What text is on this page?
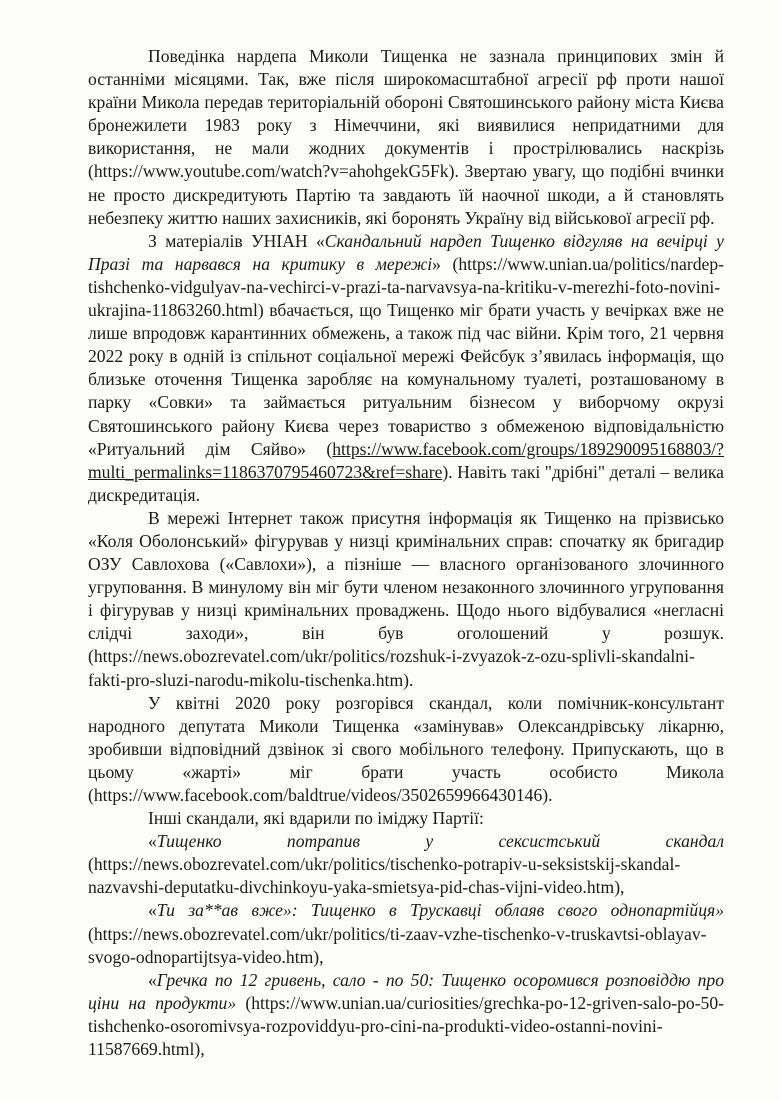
Поведінка нардепа Миколи Тищенка не зазнала принципових змін й останніми місяцями. Так, вже після широкомасштабної агресії рф проти нашої країни Микола передав територіальній обороні Святошинського району міста Києва бронежилети 1983 року з Німеччини, які виявилися непридатними для використання, не мали жодних документів і прострілювались наскрізь (https://www.youtube.com/watch?v=ahohgekG5Fk). Звертаю увагу, що подібні вчинки не просто дискредитують Партію та завдають їй наочної шкоди, а й становлять небезпеку життю наших захисників, які боронять Україну від військової агресії рф.

З матеріалів УНІАН «Скандальний нардеп Тищенко відгуляв на вечірці у Празі та нарвався на критику в мережі» (https://www.unian.ua/politics/nardep-tishchenko-vidgulyav-na-vechirci-v-prazi-ta-narvavsya-na-kritiku-v-merezhi-foto-novini-ukrajina-11863260.html) вбачається, що Тищенко міг брати участь у вечірках вже не лише впродовж карантинних обмежень, а також під час війни. Крім того, 21 червня 2022 року в одній із спільнот соціальної мережі Фейсбук з’явилась інформація, що близьке оточення Тищенка заробляє на комунальному туалеті, розташованому в парку «Совки» та займається ритуальним бізнесом у виборчому окрузі Святошинського району Києва через товариство з обмеженою відповідальністю «Ритуальний дім Сяйво» (https://www.facebook.com/groups/189290095168803/?multi_permalinks=1186370795460723&ref=share). Навіть такі "дрібні" деталі – велика дискредитація.

В мережі Інтернет також присутня інформація як Тищенко на прізвисько «Коля Оболонський» фігурував у низці кримінальних справ: спочатку як бригадир ОЗУ Савлохова («Савлохи»), а пізніше — власного організованого злочинного угруповання. В минулому він міг бути членом незаконного злочинного угруповання і фігурував у низці кримінальних проваджень. Щодо нього відбувалися «негласні слідчі заходи», він був оголошений у розшук. (https://news.obozrevatel.com/ukr/politics/rozshuk-i-zvyazok-z-ozu-splivli-skandalni-fakti-pro-sluzi-narodu-mikolu-tischenka.htm).

У квітні 2020 року розгорівся скандал, коли помічник-консультант народного депутата Миколи Тищенка «замінував» Олександрівську лікарню, зробивши відповідний дзвінок зі свого мобільного телефону. Припускають, що в цьому «жарті» міг брати участь особисто Микола (https://www.facebook.com/baldtrue/videos/3502659966430146).

Інші скандали, які вдарили по іміджу Партії:

«Тищенко потрапив у сексистський скандал (https://news.obozrevatel.com/ukr/politics/tischenko-potrapiv-u-seksistskij-skandal-nazvavshi-deputatku-divchinkoyu-yaka-smietsya-pid-chas-vijni-video.htm),

«Ти за**ав вже»: Тищенко в Трускавці облаяв свого однопартійця» (https://news.obozrevatel.com/ukr/politics/ti-zaav-vzhe-tischenko-v-truskavtsi-oblayav-svogo-odnopartijtsya-video.htm),

«Гречка по 12 гривень, сало - по 50: Тищенко осоромився розповіддю про ціни на продукти» (https://www.unian.ua/curiosities/grechka-po-12-griven-salo-po-50-tishchenko-osoromivsya-rozpoviddyu-pro-cini-na-produkti-video-ostanni-novini-11587669.html),
